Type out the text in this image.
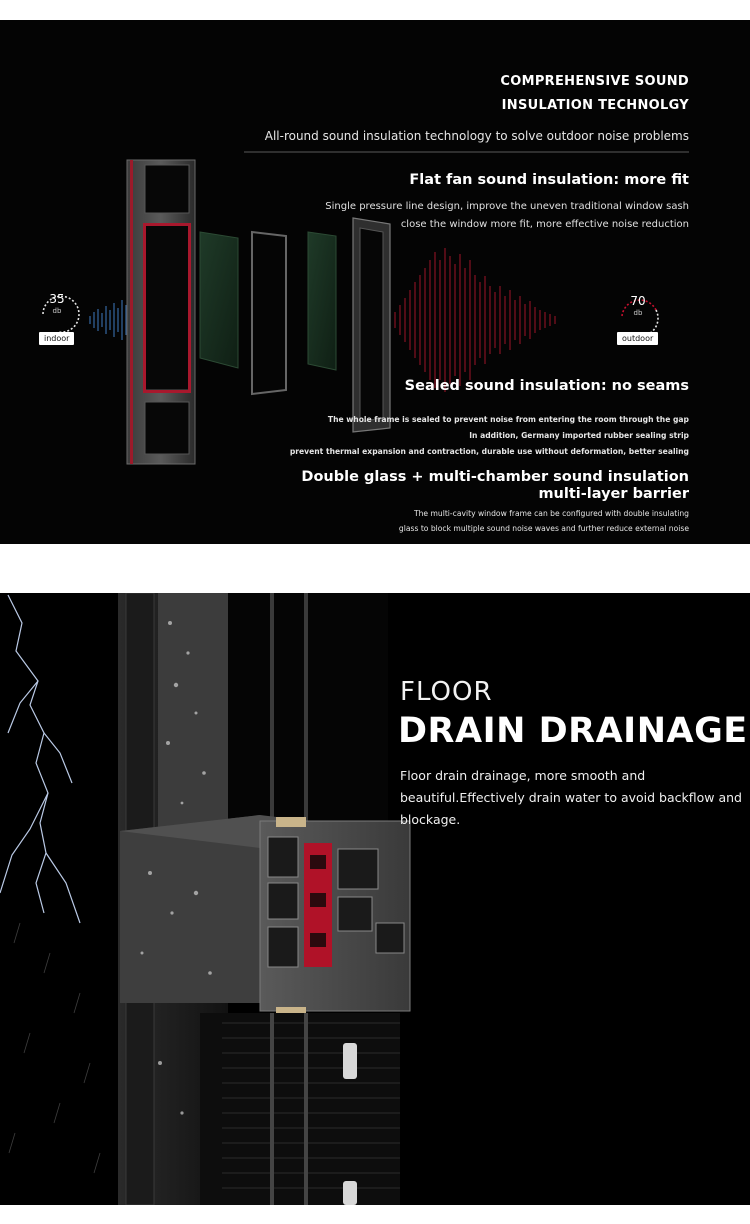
COMPREHENSIVE SOUND
INSULATION TECHNOLGY
All-round sound insulation technology to solve outdoor noise problems
Flat fan sound insulation: more fit
Single pressure line design, improve the uneven traditional window sash
close the window more fit, more effective noise reduction
Sealed sound insulation: no seams
The whole frame is sealed to prevent noise from entering the room through the gap
In addition, Germany imported rubber sealing strip
prevent thermal expansion and contraction, durable use without deformation, better sealing
Double glass + multi-chamber sound insulation
multi-layer barrier
The multi-cavity window frame can be configured with double insulating
glass to block multiple sound noise waves and further reduce external noise
35
db
indoor
70
db
outdoor
FLOOR
DRAIN DRAINAGE
Floor drain drainage, more smooth and beautiful.Effectively drain water to avoid backflow and blockage.
